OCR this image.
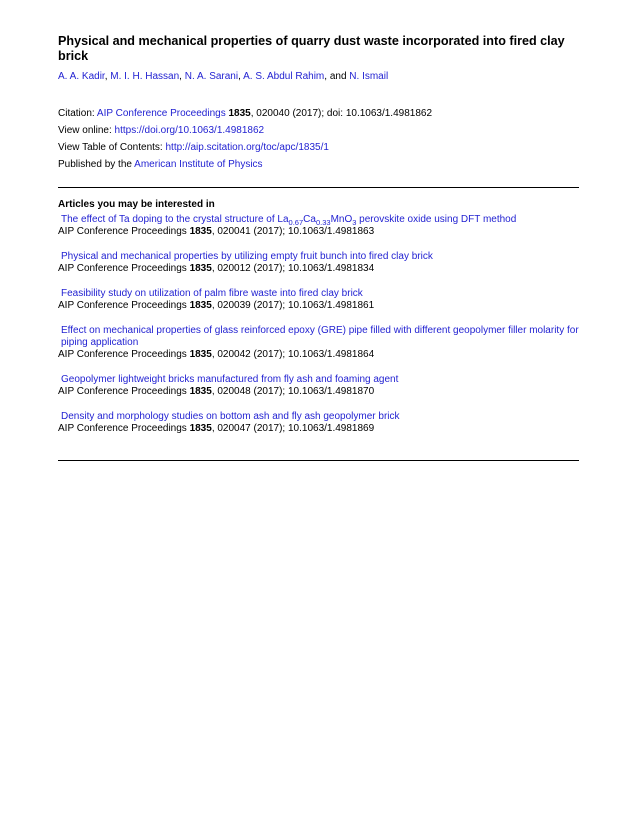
Physical and mechanical properties of quarry dust waste incorporated into fired clay brick
A. A. Kadir, M. I. H. Hassan, N. A. Sarani, A. S. Abdul Rahim, and N. Ismail
Citation: AIP Conference Proceedings 1835, 020040 (2017); doi: 10.1063/1.4981862
View online: https://doi.org/10.1063/1.4981862
View Table of Contents: http://aip.scitation.org/toc/apc/1835/1
Published by the American Institute of Physics
Articles you may be interested in
The effect of Ta doping to the crystal structure of $La_{0.67}Ca_{0.33}MnO_3$ perovskite oxide using DFT method
AIP Conference Proceedings 1835, 020041 (2017); 10.1063/1.4981863
Physical and mechanical properties by utilizing empty fruit bunch into fired clay brick
AIP Conference Proceedings 1835, 020012 (2017); 10.1063/1.4981834
Feasibility study on utilization of palm fibre waste into fired clay brick
AIP Conference Proceedings 1835, 020039 (2017); 10.1063/1.4981861
Effect on mechanical properties of glass reinforced epoxy (GRE) pipe filled with different geopolymer filler molarity for piping application
AIP Conference Proceedings 1835, 020042 (2017); 10.1063/1.4981864
Geopolymer lightweight bricks manufactured from fly ash and foaming agent
AIP Conference Proceedings 1835, 020048 (2017); 10.1063/1.4981870
Density and morphology studies on bottom ash and fly ash geopolymer brick
AIP Conference Proceedings 1835, 020047 (2017); 10.1063/1.4981869
